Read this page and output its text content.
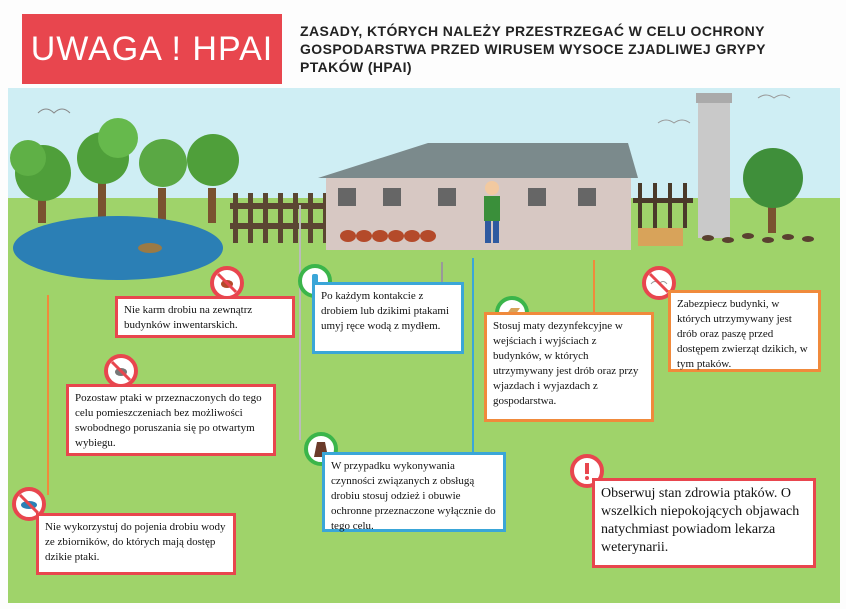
UWAGA ! HPAI	ZASADY, KTÓRYCH NALEŻY PRZESTRZEGAĆ W CELU OCHRONY GOSPODARSTWA PRZED WIRUSEM WYSOCE ZJADLIWEJ GRYPY PTAKÓW (HPAI)
Nie karm drobiu na zewnątrz budynków inwentarskich.
Po każdym kontakcie z drobiem lub dzikimi ptakami umyj ręce wodą z mydłem.	Stosuj maty dezynfekcyjne w wejściach i wyjściach z budynków, w których utrzymywany jest drób oraz przy wjazdach i wyjazdach z gospodarstwa.
Zabezpiecz budynki, w których utrzymywany jest drób oraz paszę przed dostępem zwierząt dzikich, w tym ptaków.
Pozostaw ptaki w przeznaczonych do tego celu pomieszczeniach bez możliwości swobodnego poruszania się po otwartym wybiegu.
W przypadku wykonywania czynności związanych z obsługą drobiu stosuj odzież i obuwie ochronne przeznaczone wyłącznie do tego celu.
Nie wykorzystuj do pojenia drobiu wody ze zbiorników, do których mają dostęp dzikie ptaki.
Obserwuj stan zdrowia ptaków. O wszelkich niepokojących objawach natychmiast powiadom lekarza weterynarii.
